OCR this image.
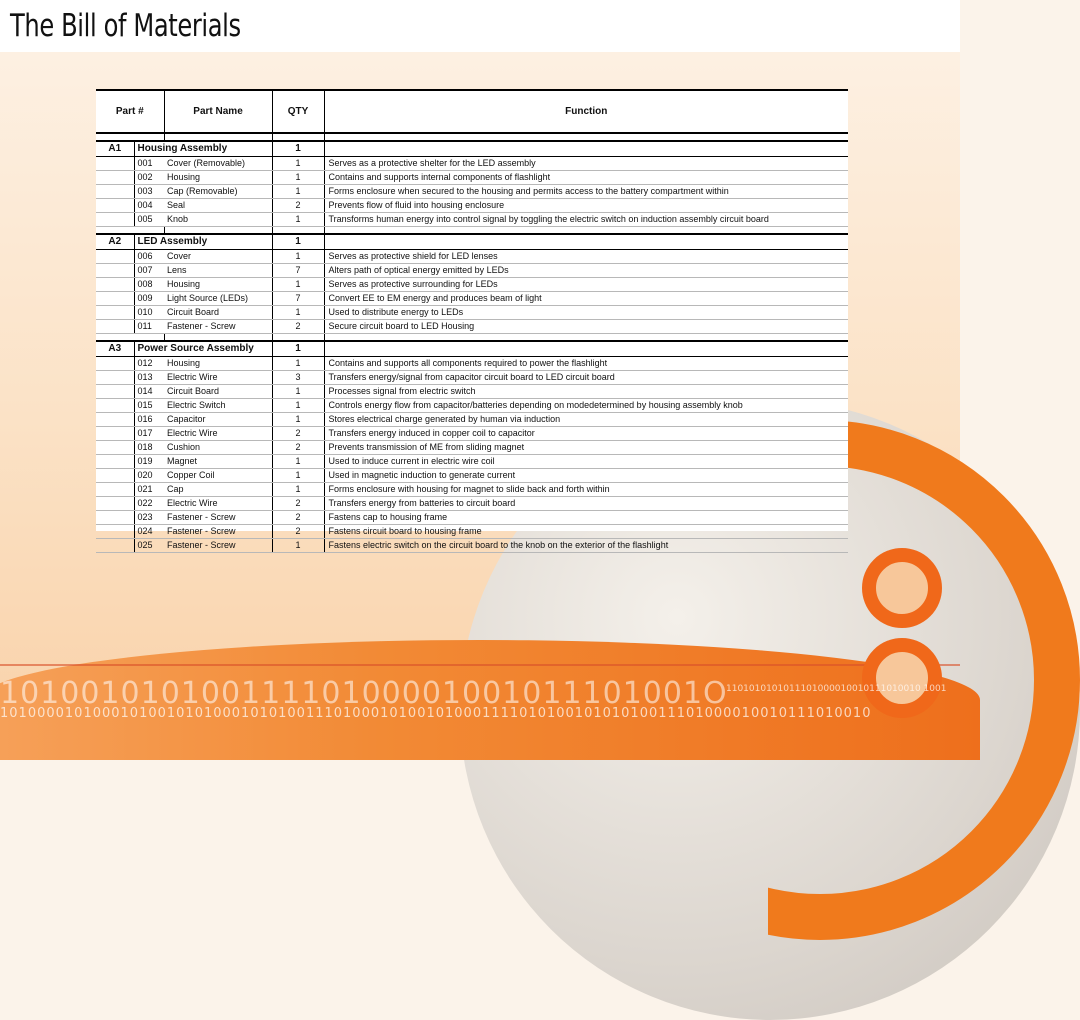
The Bill of Materials
10100101010011110100001001011101001O
1010000101000101001010100010101001110100010100101000111101010010101010011101000010010111010010
1101010101011101000010010111010010 1001
Part #		Part Name	QTY	Function

A1	Housing Assembly		1	
	001	Cover (Removable)	1	Serves as a protective shelter for the LED assembly
	002	Housing	1	Contains and supports internal components of flashlight
	003	Cap (Removable)	1	Forms enclosure when secured to the housing and permits access to the battery compartment within
	004	Seal	2	Prevents flow of fluid into housing enclosure
	005	Knob	1	Transforms human energy into control signal by toggling the electric switch on induction assembly circuit board

A2	LED Assembly		1	
	006	Cover	1	Serves as protective shield for LED lenses
	007	Lens	7	Alters path of optical energy emitted by LEDs
	008	Housing	1	Serves as protective surrounding for LEDs
	009	Light Source (LEDs)	7	Convert EE to EM energy and produces beam of light
	010	Circuit Board	1	Used to distribute energy to LEDs
	011	Fastener - Screw	2	Secure circuit board to LED Housing

A3	Power Source Assembly		1	
	012	Housing	1	Contains and supports all components required to power the flashlight
	013	Electric Wire	3	Transfers energy/signal from capacitor circuit board to LED circuit board
	014	Circuit Board	1	Processes signal from electric switch
	015	Electric Switch	1	Controls energy flow from capacitor/batteries depending on modedetermined by housing assembly knob
	016	Capacitor	1	Stores electrical charge generated by human via induction
	017	Electric Wire	2	Transfers energy induced in copper coil to capacitor
	018	Cushion	2	Prevents transmission of ME from sliding magnet
	019	Magnet	1	Used to induce current in electric wire coil
	020	Copper Coil	1	Used in magnetic induction to generate current
	021	Cap	1	Forms enclosure with housing for magnet to slide back and forth within
	022	Electric Wire	2	Transfers energy from batteries to circuit board
	023	Fastener - Screw	2	Fastens cap to housing frame
	024	Fastener - Screw	2	Fastens circuit board to housing frame
	025	Fastener - Screw	1	Fastens electric switch on the circuit board to the knob on the exterior of the flashlight
